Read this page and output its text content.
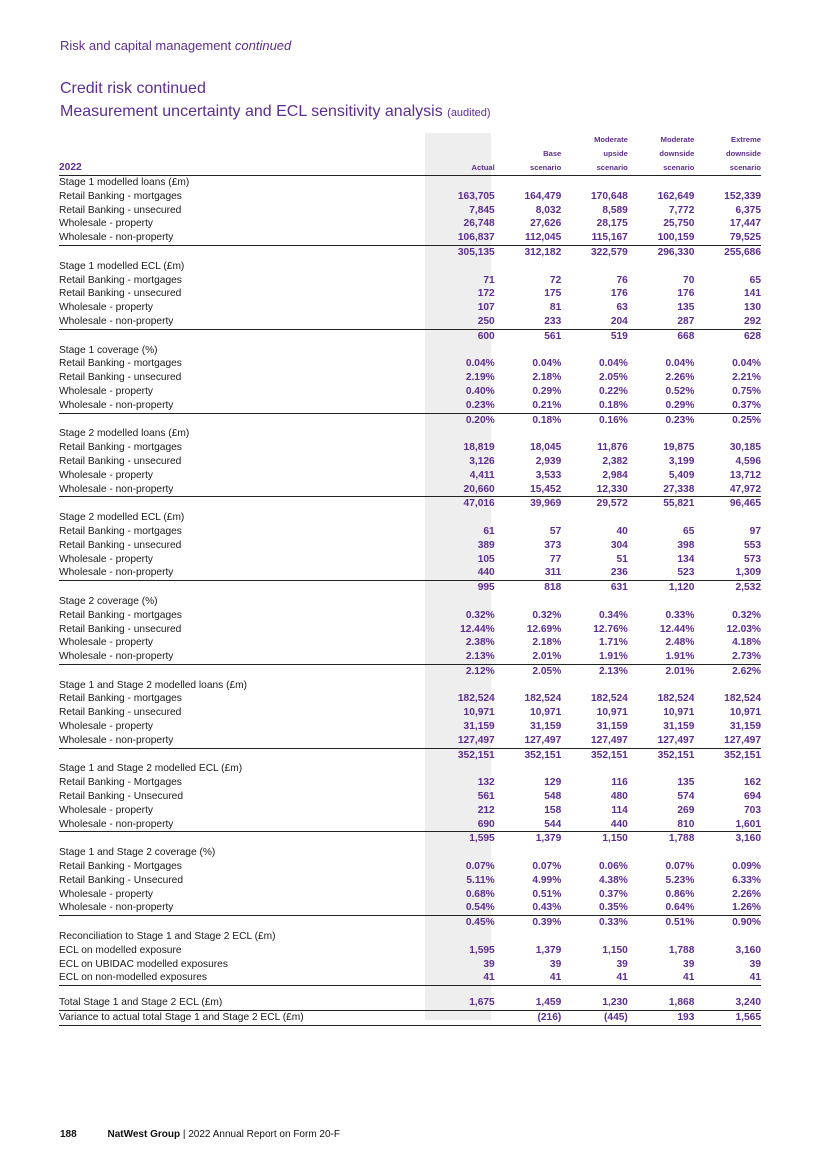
Risk and capital management continued
Credit risk continued
Measurement uncertainty and ECL sensitivity analysis (audited)
			Moderate	Moderate	Extreme
		Base	upside	downside	downside
2022	Actual	scenario	scenario	scenario	scenario
Stage 1 modelled loans (£m)					
Retail Banking - mortgages	163,705	164,479	170,648	162,649	152,339
Retail Banking - unsecured	7,845	8,032	8,589	7,772	6,375
Wholesale - property	26,748	27,626	28,175	25,750	17,447
Wholesale - non-property	106,837	112,045	115,167	100,159	79,525
	305,135	312,182	322,579	296,330	255,686
Stage 1 modelled ECL (£m)					
Retail Banking - mortgages	71	72	76	70	65
Retail Banking - unsecured	172	175	176	176	141
Wholesale - property	107	81	63	135	130
Wholesale - non-property	250	233	204	287	292
	600	561	519	668	628
Stage 1 coverage (%)					
Retail Banking - mortgages	0.04%	0.04%	0.04%	0.04%	0.04%
Retail Banking - unsecured	2.19%	2.18%	2.05%	2.26%	2.21%
Wholesale - property	0.40%	0.29%	0.22%	0.52%	0.75%
Wholesale - non-property	0.23%	0.21%	0.18%	0.29%	0.37%
	0.20%	0.18%	0.16%	0.23%	0.25%
Stage 2 modelled loans (£m)					
Retail Banking - mortgages	18,819	18,045	11,876	19,875	30,185
Retail Banking - unsecured	3,126	2,939	2,382	3,199	4,596
Wholesale - property	4,411	3,533	2,984	5,409	13,712
Wholesale - non-property	20,660	15,452	12,330	27,338	47,972
	47,016	39,969	29,572	55,821	96,465
Stage 2 modelled ECL (£m)					
Retail Banking - mortgages	61	57	40	65	97
Retail Banking - unsecured	389	373	304	398	553
Wholesale - property	105	77	51	134	573
Wholesale - non-property	440	311	236	523	1,309
	995	818	631	1,120	2,532
Stage 2 coverage (%)					
Retail Banking - mortgages	0.32%	0.32%	0.34%	0.33%	0.32%
Retail Banking - unsecured	12.44%	12.69%	12.76%	12.44%	12.03%
Wholesale - property	2.38%	2.18%	1.71%	2.48%	4.18%
Wholesale - non-property	2.13%	2.01%	1.91%	1.91%	2.73%
	2.12%	2.05%	2.13%	2.01%	2.62%
Stage 1 and Stage 2 modelled loans (£m)					
Retail Banking - mortgages	182,524	182,524	182,524	182,524	182,524
Retail Banking - unsecured	10,971	10,971	10,971	10,971	10,971
Wholesale - property	31,159	31,159	31,159	31,159	31,159
Wholesale - non-property	127,497	127,497	127,497	127,497	127,497
	352,151	352,151	352,151	352,151	352,151
Stage 1 and Stage 2 modelled ECL (£m)					
Retail Banking - Mortgages	132	129	116	135	162
Retail Banking - Unsecured	561	548	480	574	694
Wholesale - property	212	158	114	269	703
Wholesale - non-property	690	544	440	810	1,601
	1,595	1,379	1,150	1,788	3,160
Stage 1 and Stage 2 coverage (%)					
Retail Banking - Mortgages	0.07%	0.07%	0.06%	0.07%	0.09%
Retail Banking - Unsecured	5.11%	4.99%	4.38%	5.23%	6.33%
Wholesale - property	0.68%	0.51%	0.37%	0.86%	2.26%
Wholesale - non-property	0.54%	0.43%	0.35%	0.64%	1.26%
	0.45%	0.39%	0.33%	0.51%	0.90%
Reconciliation to Stage 1 and Stage 2 ECL (£m)					
ECL on modelled exposure	1,595	1,379	1,150	1,788	3,160
ECL on UBIDAC modelled exposures	39	39	39	39	39
ECL on non-modelled exposures	41	41	41	41	41

Total Stage 1 and Stage 2 ECL (£m)	1,675	1,459	1,230	1,868	3,240
Variance to actual total Stage 1 and Stage 2 ECL (£m)		(216)	(445)	193	1,565
188	NatWest Group | 2022 Annual Report on Form 20-F
